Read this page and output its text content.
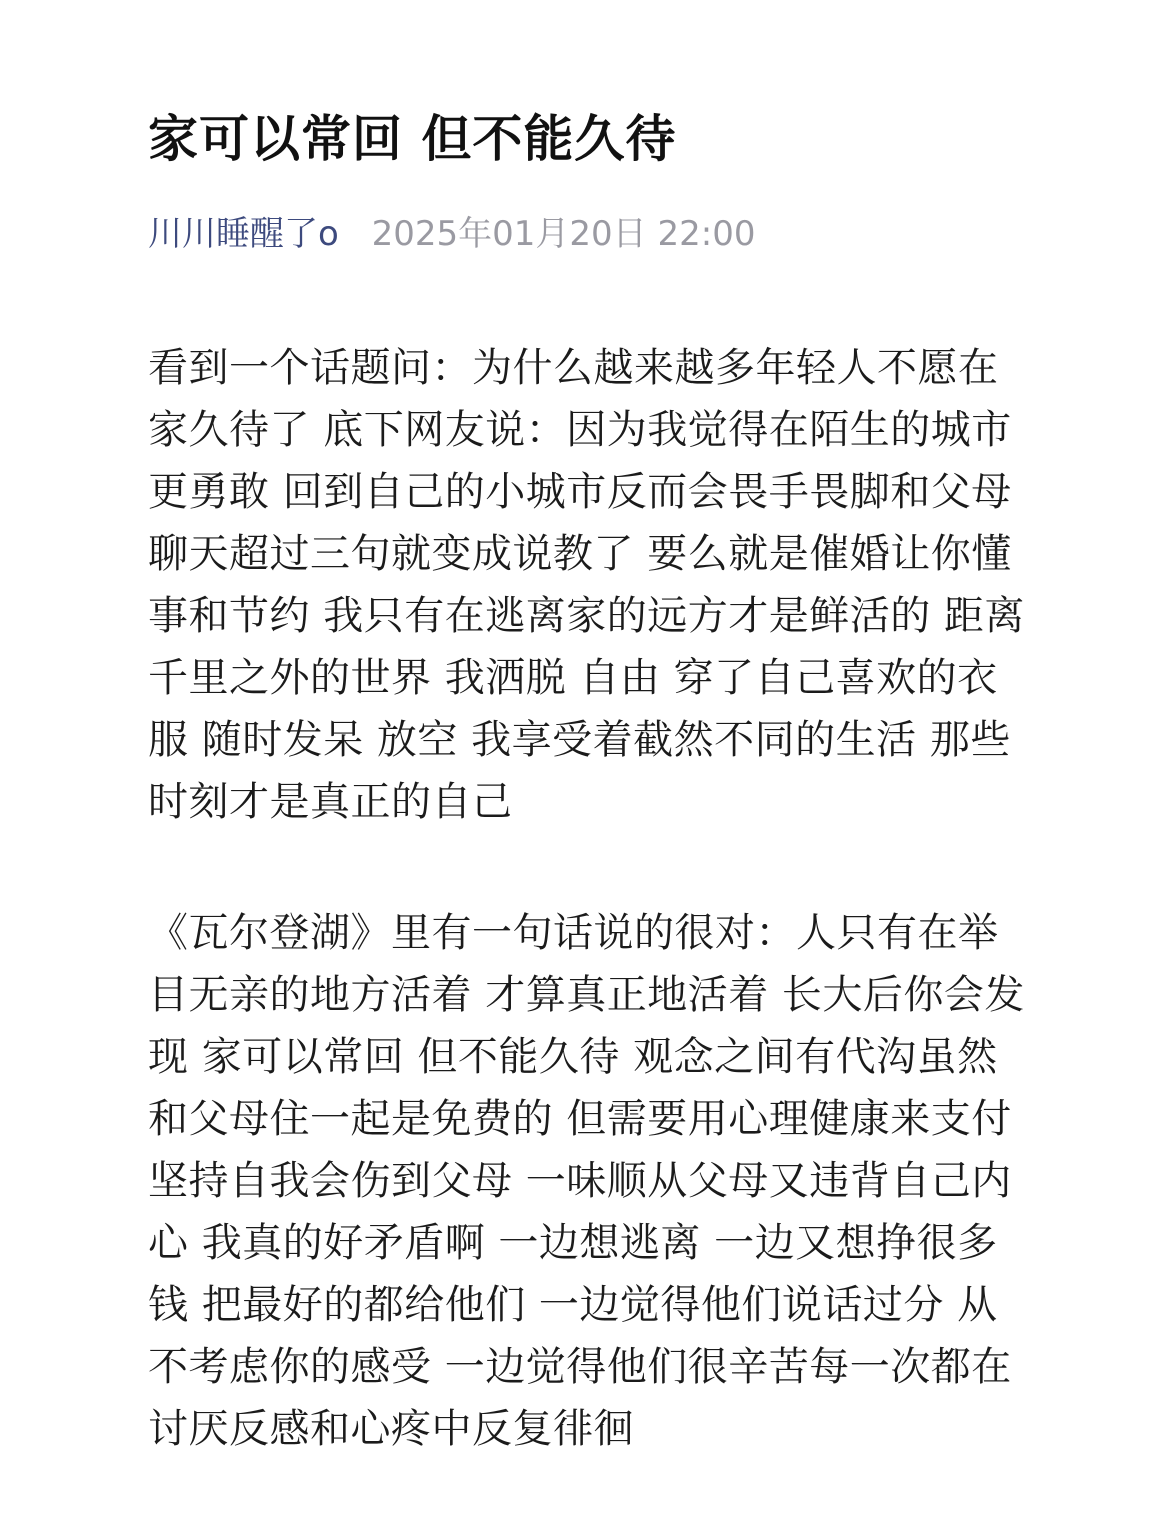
家可以常回 但不能久待
川川睡醒了o 2025年01月20日 22:00

看到一个话题问：为什么越来越多年轻人不愿在家久待了 底下网友说：因为我觉得在陌生的城市更勇敢 回到自己的小城市反而会畏手畏脚和父母聊天超过三句就变成说教了 要么就是催婚让你懂事和节约 我只有在逃离家的远方才是鲜活的 距离千里之外的世界 我洒脱 自由 穿了自己喜欢的衣服 随时发呆 放空 我享受着截然不同的生活 那些时刻才是真正的自己

《瓦尔登湖》里有一句话说的很对：人只有在举目无亲的地方活着 才算真正地活着 长大后你会发现 家可以常回 但不能久待 观念之间有代沟虽然和父母住一起是免费的 但需要用心理健康来支付 坚持自我会伤到父母 一味顺从父母又违背自己内心 我真的好矛盾啊 一边想逃离 一边又想挣很多钱 把最好的都给他们 一边觉得他们说话过分 从不考虑你的感受 一边觉得他们很辛苦每一次都在讨厌反感和心疼中反复徘徊
